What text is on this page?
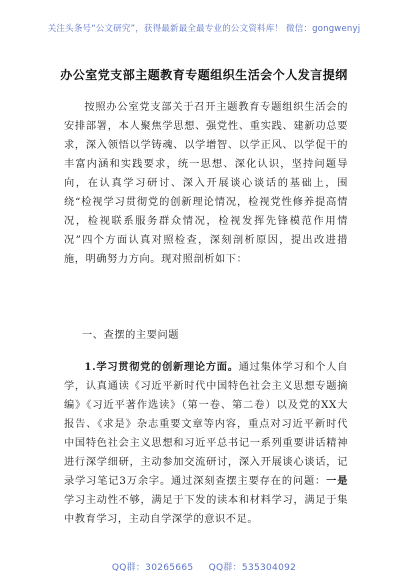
关注头条号“公文研究”，获得最新最全最专业的公文资料库！ 微信：gongwenyj
办公室党支部主题教育专题组织生活会个人发言提纲

按照办公室党支部关于召开主题教育专题组织生活会的安排部署，本人聚焦学思想、强党性、重实践、建新功总要求，深入领悟以学铸魂、以学增智、以学正风、以学促干的丰富内涵和实践要求，统一思想、深化认识，坚持问题导向，在认真学习研讨、深入开展谈心谈话的基础上，围绕“检视学习贯彻党的创新理论情况，检视党性修养提高情况，检视联系服务群众情况，检视发挥先锋模范作用情况”四个方面认真对照检查，深刻剖析原因，提出改进措施，明确努力方向。现对照剖析如下：

一、查摆的主要问题

1.学习贯彻党的创新理论方面。通过集体学习和个人自学，认真通读《习近平新时代中国特色社会主义思想专题摘编》《习近平著作选读》（第一卷、第二卷）以及党的XX大报告、《求是》杂志重要文章等内容，重点对习近平新时代中国特色社会主义思想和习近平总书记一系列重要讲话精神进行深学细研，主动参加交流研讨，深入开展谈心谈话，记录学习笔记3万余字。通过深刻查摆主要存在的问题：一是学习主动性不够，满足于下发的读本和材料学习，满足于集中教育学习，主动自学深学的意识不足。

QQ群：30265665 QQ群：535304092
